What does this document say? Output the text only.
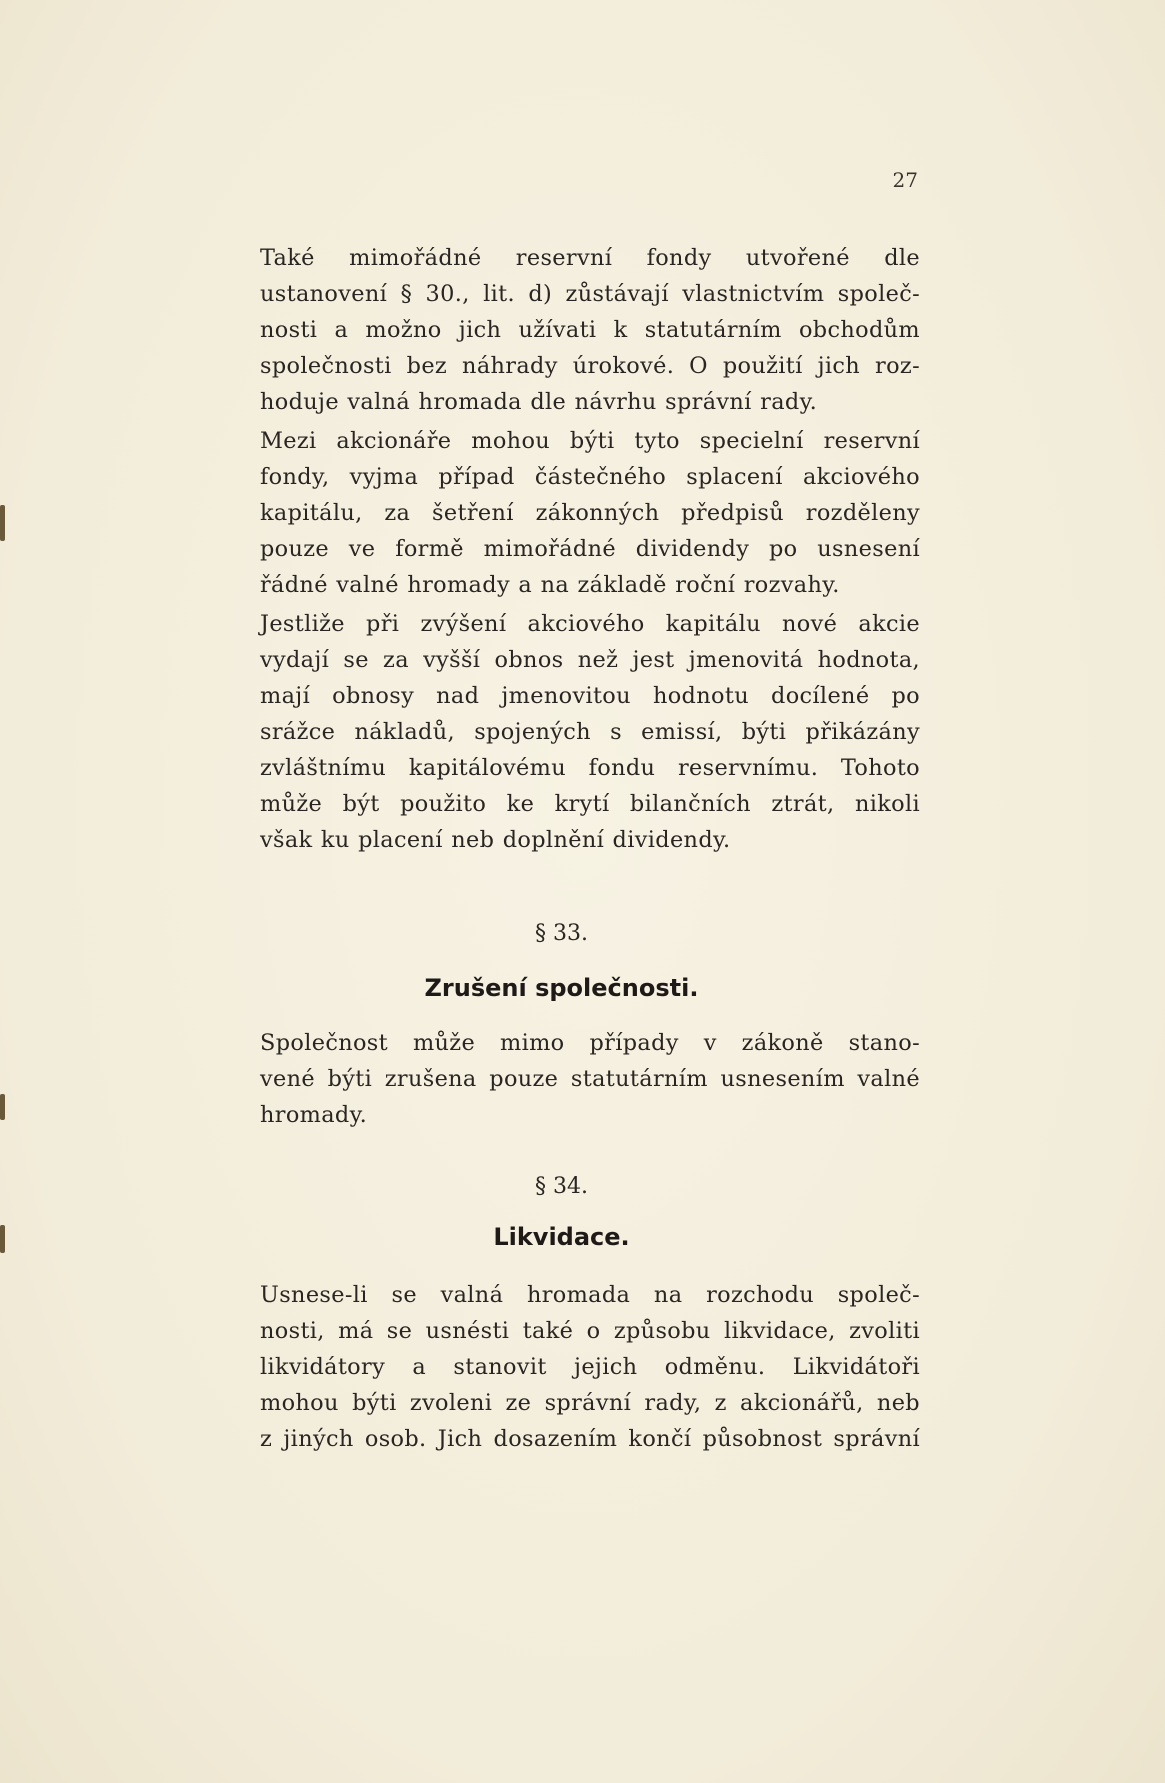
27

Také mimořádné reservní fondy utvořené dle
ustanovení § 30., lit. d) zůstávají vlastnictvím společ-
nosti a možno jich užívati k statutárním obchodům
společnosti bez náhrady úrokové. O použití jich roz-
hoduje valná hromada dle návrhu správní rady.

Mezi akcionáře mohou býti tyto specielní reservní
fondy, vyjma případ částečného splacení akciového
kapitálu, za šetření zákonných předpisů rozděleny
pouze ve formě mimořádné dividendy po usnesení
řádné valné hromady a na základě roční rozvahy.

Jestliže při zvýšení akciového kapitálu nové akcie
vydají se za vyšší obnos než jest jmenovitá hodnota,
mají obnosy nad jmenovitou hodnotu docílené po
srážce nákladů, spojených s emissí, býti přikázány
zvláštnímu kapitálovému fondu reservnímu. Tohoto
může být použito ke krytí bilančních ztrát, nikoli
však ku placení neb doplnění dividendy.

§ 33.
Zrušení společnosti.

Společnost může mimo případy v zákoně stano-
vené býti zrušena pouze statutárním usnesením valné
hromady.

§ 34.
Likvidace.

Usnese-li se valná hromada na rozchodu společ-
nosti, má se usnésti také o způsobu likvidace, zvoliti
likvidátory a stanovit jejich odměnu. Likvidátoři
mohou býti zvoleni ze správní rady, z akcionářů, neb
z jiných osob. Jich dosazením končí působnost správní
